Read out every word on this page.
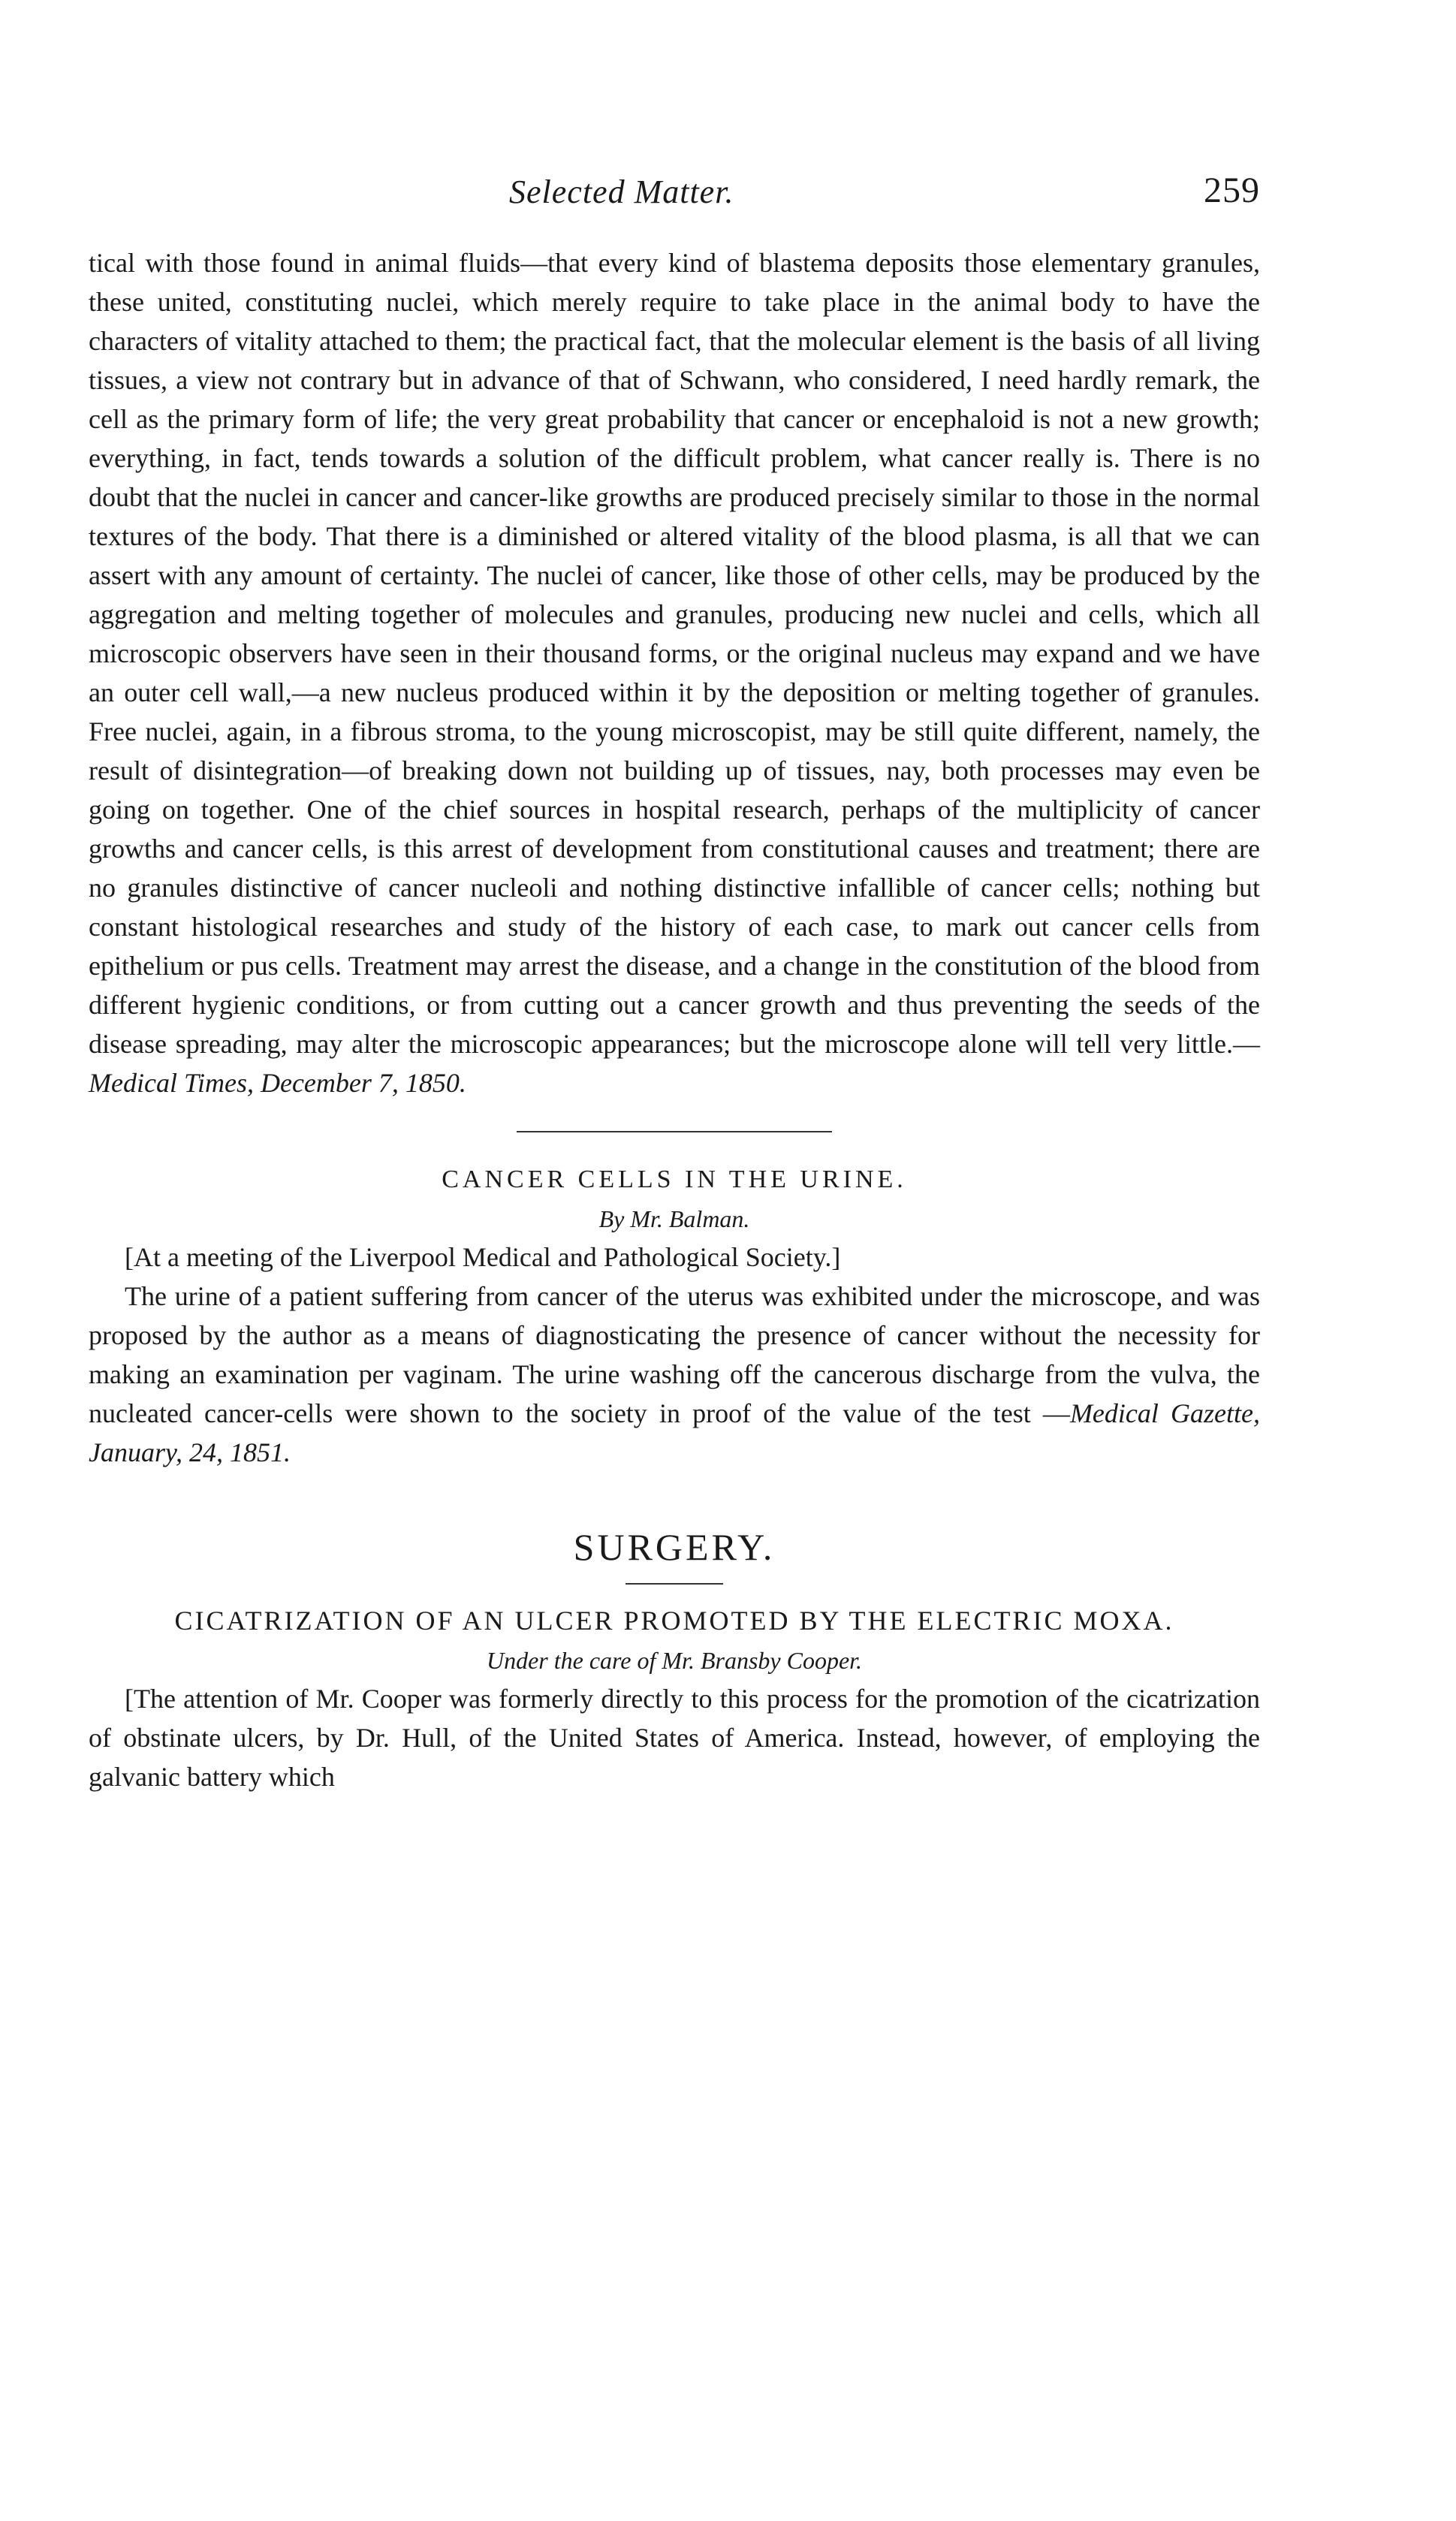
Selected Matter.	259

tical with those found in animal fluids—that every kind of blastema deposits those elementary granules, these united, constituting nuclei, which merely require to take place in the animal body to have the characters of vitality attached to them; the practical fact, that the molecular element is the basis of all living tissues, a view not contrary but in advance of that of Schwann, who considered, I need hardly remark, the cell as the primary form of life; the very great probability that cancer or encephaloid is not a new growth; everything, in fact, tends towards a solution of the difficult problem, what cancer really is. There is no doubt that the nuclei in cancer and cancer-like growths are produced precisely similar to those in the normal textures of the body. That there is a diminished or altered vitality of the blood plasma, is all that we can assert with any amount of certainty. The nuclei of cancer, like those of other cells, may be produced by the aggregation and melting together of molecules and granules, producing new nuclei and cells, which all microscopic observers have seen in their thousand forms, or the original nucleus may expand and we have an outer cell wall,—a new nucleus produced within it by the deposition or melting together of granules. Free nuclei, again, in a fibrous stroma, to the young microscopist, may be still quite different, namely, the result of disintegration—of breaking down not building up of tissues, nay, both processes may even be going on together. One of the chief sources in hospital research, perhaps of the multiplicity of cancer growths and cancer cells, is this arrest of development from constitutional causes and treatment; there are no granules distinctive of cancer nucleoli and nothing distinctive infallible of cancer cells; nothing but constant histological researches and study of the history of each case, to mark out cancer cells from epithelium or pus cells. Treatment may arrest the disease, and a change in the constitution of the blood from different hygienic conditions, or from cutting out a cancer growth and thus preventing the seeds of the disease spreading, may alter the microscopic appearances; but the microscope alone will tell very little.—Medical Times, December 7, 1850.

CANCER CELLS IN THE URINE.

By Mr. Balman.

[At a meeting of the Liverpool Medical and Pathological Society.]

The urine of a patient suffering from cancer of the uterus was exhibited under the microscope, and was proposed by the author as a means of diagnosticating the presence of cancer without the necessity for making an examination per vaginam. The urine washing off the cancerous discharge from the vulva, the nucleated cancer-cells were shown to the society in proof of the value of the test —Medical Gazette, January, 24, 1851.

SURGERY.

CICATRIZATION OF AN ULCER PROMOTED BY THE ELECTRIC MOXA.

Under the care of Mr. Bransby Cooper.

[The attention of Mr. Cooper was formerly directly to this process for the promotion of the cicatrization of obstinate ulcers, by Dr. Hull, of the United States of America. Instead, however, of employing the galvanic battery which
